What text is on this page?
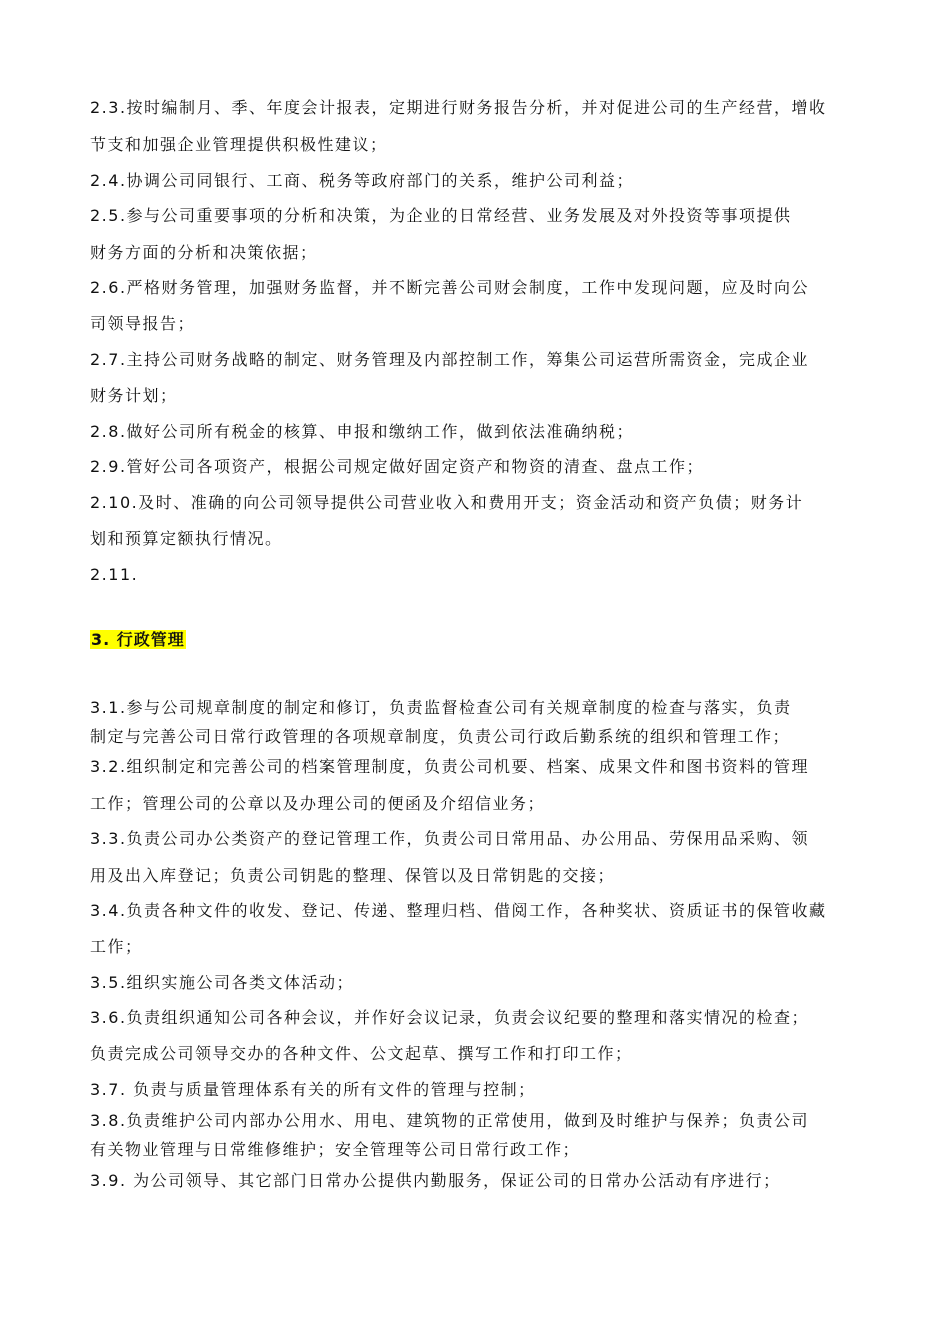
2.3.按时编制月、季、年度会计报表，定期进行财务报告分析，并对促进公司的生产经营，增收
节支和加强企业管理提供积极性建议；
2.4.协调公司同银行、工商、税务等政府部门的关系，维护公司利益；
2.5.参与公司重要事项的分析和决策，为企业的日常经营、业务发展及对外投资等事项提供
财务方面的分析和决策依据；
2.6.严格财务管理，加强财务监督，并不断完善公司财会制度，工作中发现问题，应及时向公
司领导报告；
2.7.主持公司财务战略的制定、财务管理及内部控制工作，筹集公司运营所需资金，完成企业
财务计划；
2.8.做好公司所有税金的核算、申报和缴纳工作，做到依法准确纳税；
2.9.管好公司各项资产，根据公司规定做好固定资产和物资的清查、盘点工作；
2.10.及时、准确的向公司领导提供公司营业收入和费用开支；资金活动和资产负债；财务计
划和预算定额执行情况。
2.11.
3. 行政管理
3.1.参与公司规章制度的制定和修订，负责监督检查公司有关规章制度的检查与落实，负责
制定与完善公司日常行政管理的各项规章制度，负责公司行政后勤系统的组织和管理工作；
3.2.组织制定和完善公司的档案管理制度，负责公司机要、档案、成果文件和图书资料的管理
工作；管理公司的公章以及办理公司的便函及介绍信业务；
3.3.负责公司办公类资产的登记管理工作，负责公司日常用品、办公用品、劳保用品采购、领
用及出入库登记；负责公司钥匙的整理、保管以及日常钥匙的交接；
3.4.负责各种文件的收发、登记、传递、整理归档、借阅工作，各种奖状、资质证书的保管收藏
工作；
3.5.组织实施公司各类文体活动；
3.6.负责组织通知公司各种会议，并作好会议记录，负责会议纪要的整理和落实情况的检查；
负责完成公司领导交办的各种文件、公文起草、撰写工作和打印工作；
3.7. 负责与质量管理体系有关的所有文件的管理与控制；
3.8.负责维护公司内部办公用水、用电、建筑物的正常使用，做到及时维护与保养；负责公司
有关物业管理与日常维修维护；安全管理等公司日常行政工作；
3.9. 为公司领导、其它部门日常办公提供内勤服务，保证公司的日常办公活动有序进行；
